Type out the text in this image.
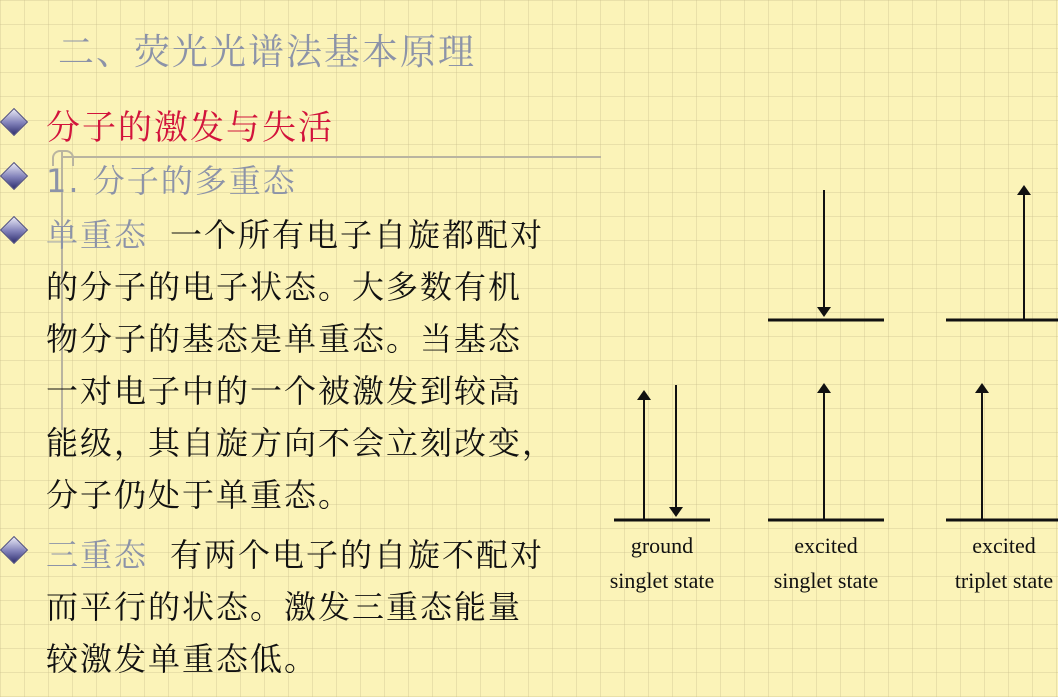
二、荧光光谱法基本原理
分子的激发与失活
1. 分子的多重态
单重态 一个所有电子自旋都配对
的分子的电子状态。大多数有机
物分子的基态是单重态。当基态
一对电子中的一个被激发到较高
能级，其自旋方向不会立刻改变，
分子仍处于单重态。
三重态 有两个电子的自旋不配对
而平行的状态。激发三重态能量
较激发单重态低。
ground
singlet state
excited
singlet state
excited
triplet state
